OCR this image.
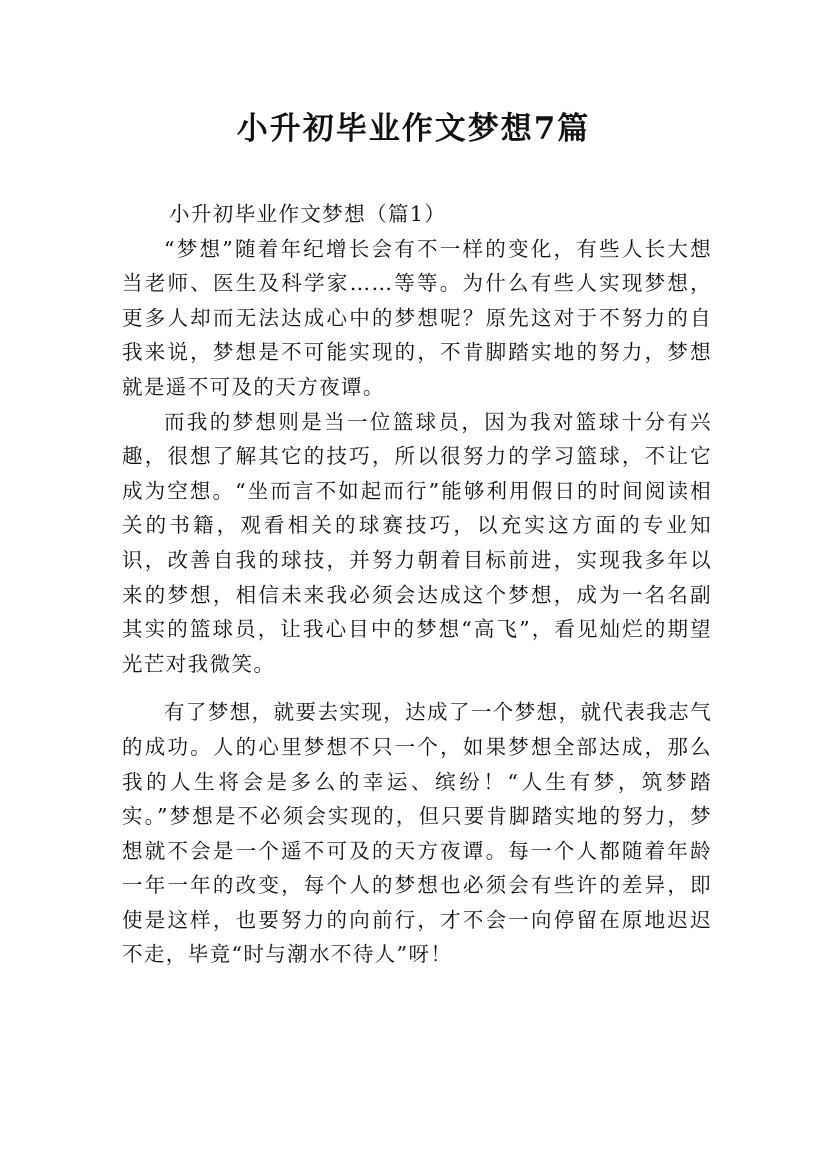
小升初毕业作文梦想7篇

小升初毕业作文梦想（篇1）

“梦想”随着年纪增长会有不一样的变化，有些人长大想当老师、医生及科学家……等等。为什么有些人实现梦想，更多人却而无法达成心中的梦想呢？原先这对于不努力的自我来说，梦想是不可能实现的，不肯脚踏实地的努力，梦想就是遥不可及的天方夜谭。

而我的梦想则是当一位篮球员，因为我对篮球十分有兴趣，很想了解其它的技巧，所以很努力的学习篮球，不让它成为空想。“坐而言不如起而行”能够利用假日的时间阅读相关的书籍，观看相关的球赛技巧，以充实这方面的专业知识，改善自我的球技，并努力朝着目标前进，实现我多年以来的梦想，相信未来我必须会达成这个梦想，成为一名名副其实的篮球员，让我心目中的梦想“高飞”，看见灿烂的期望光芒对我微笑。

有了梦想，就要去实现，达成了一个梦想，就代表我志气的成功。人的心里梦想不只一个，如果梦想全部达成，那么我的人生将会是多么的幸运、缤纷！“人生有梦，筑梦踏实。”梦想是不必须会实现的，但只要肯脚踏实地的努力，梦想就不会是一个遥不可及的天方夜谭。每一个人都随着年龄一年一年的改变，每个人的梦想也必须会有些许的差异，即使是这样，也要努力的向前行，才不会一向停留在原地迟迟不走，毕竟“时与潮水不待人”呀！
